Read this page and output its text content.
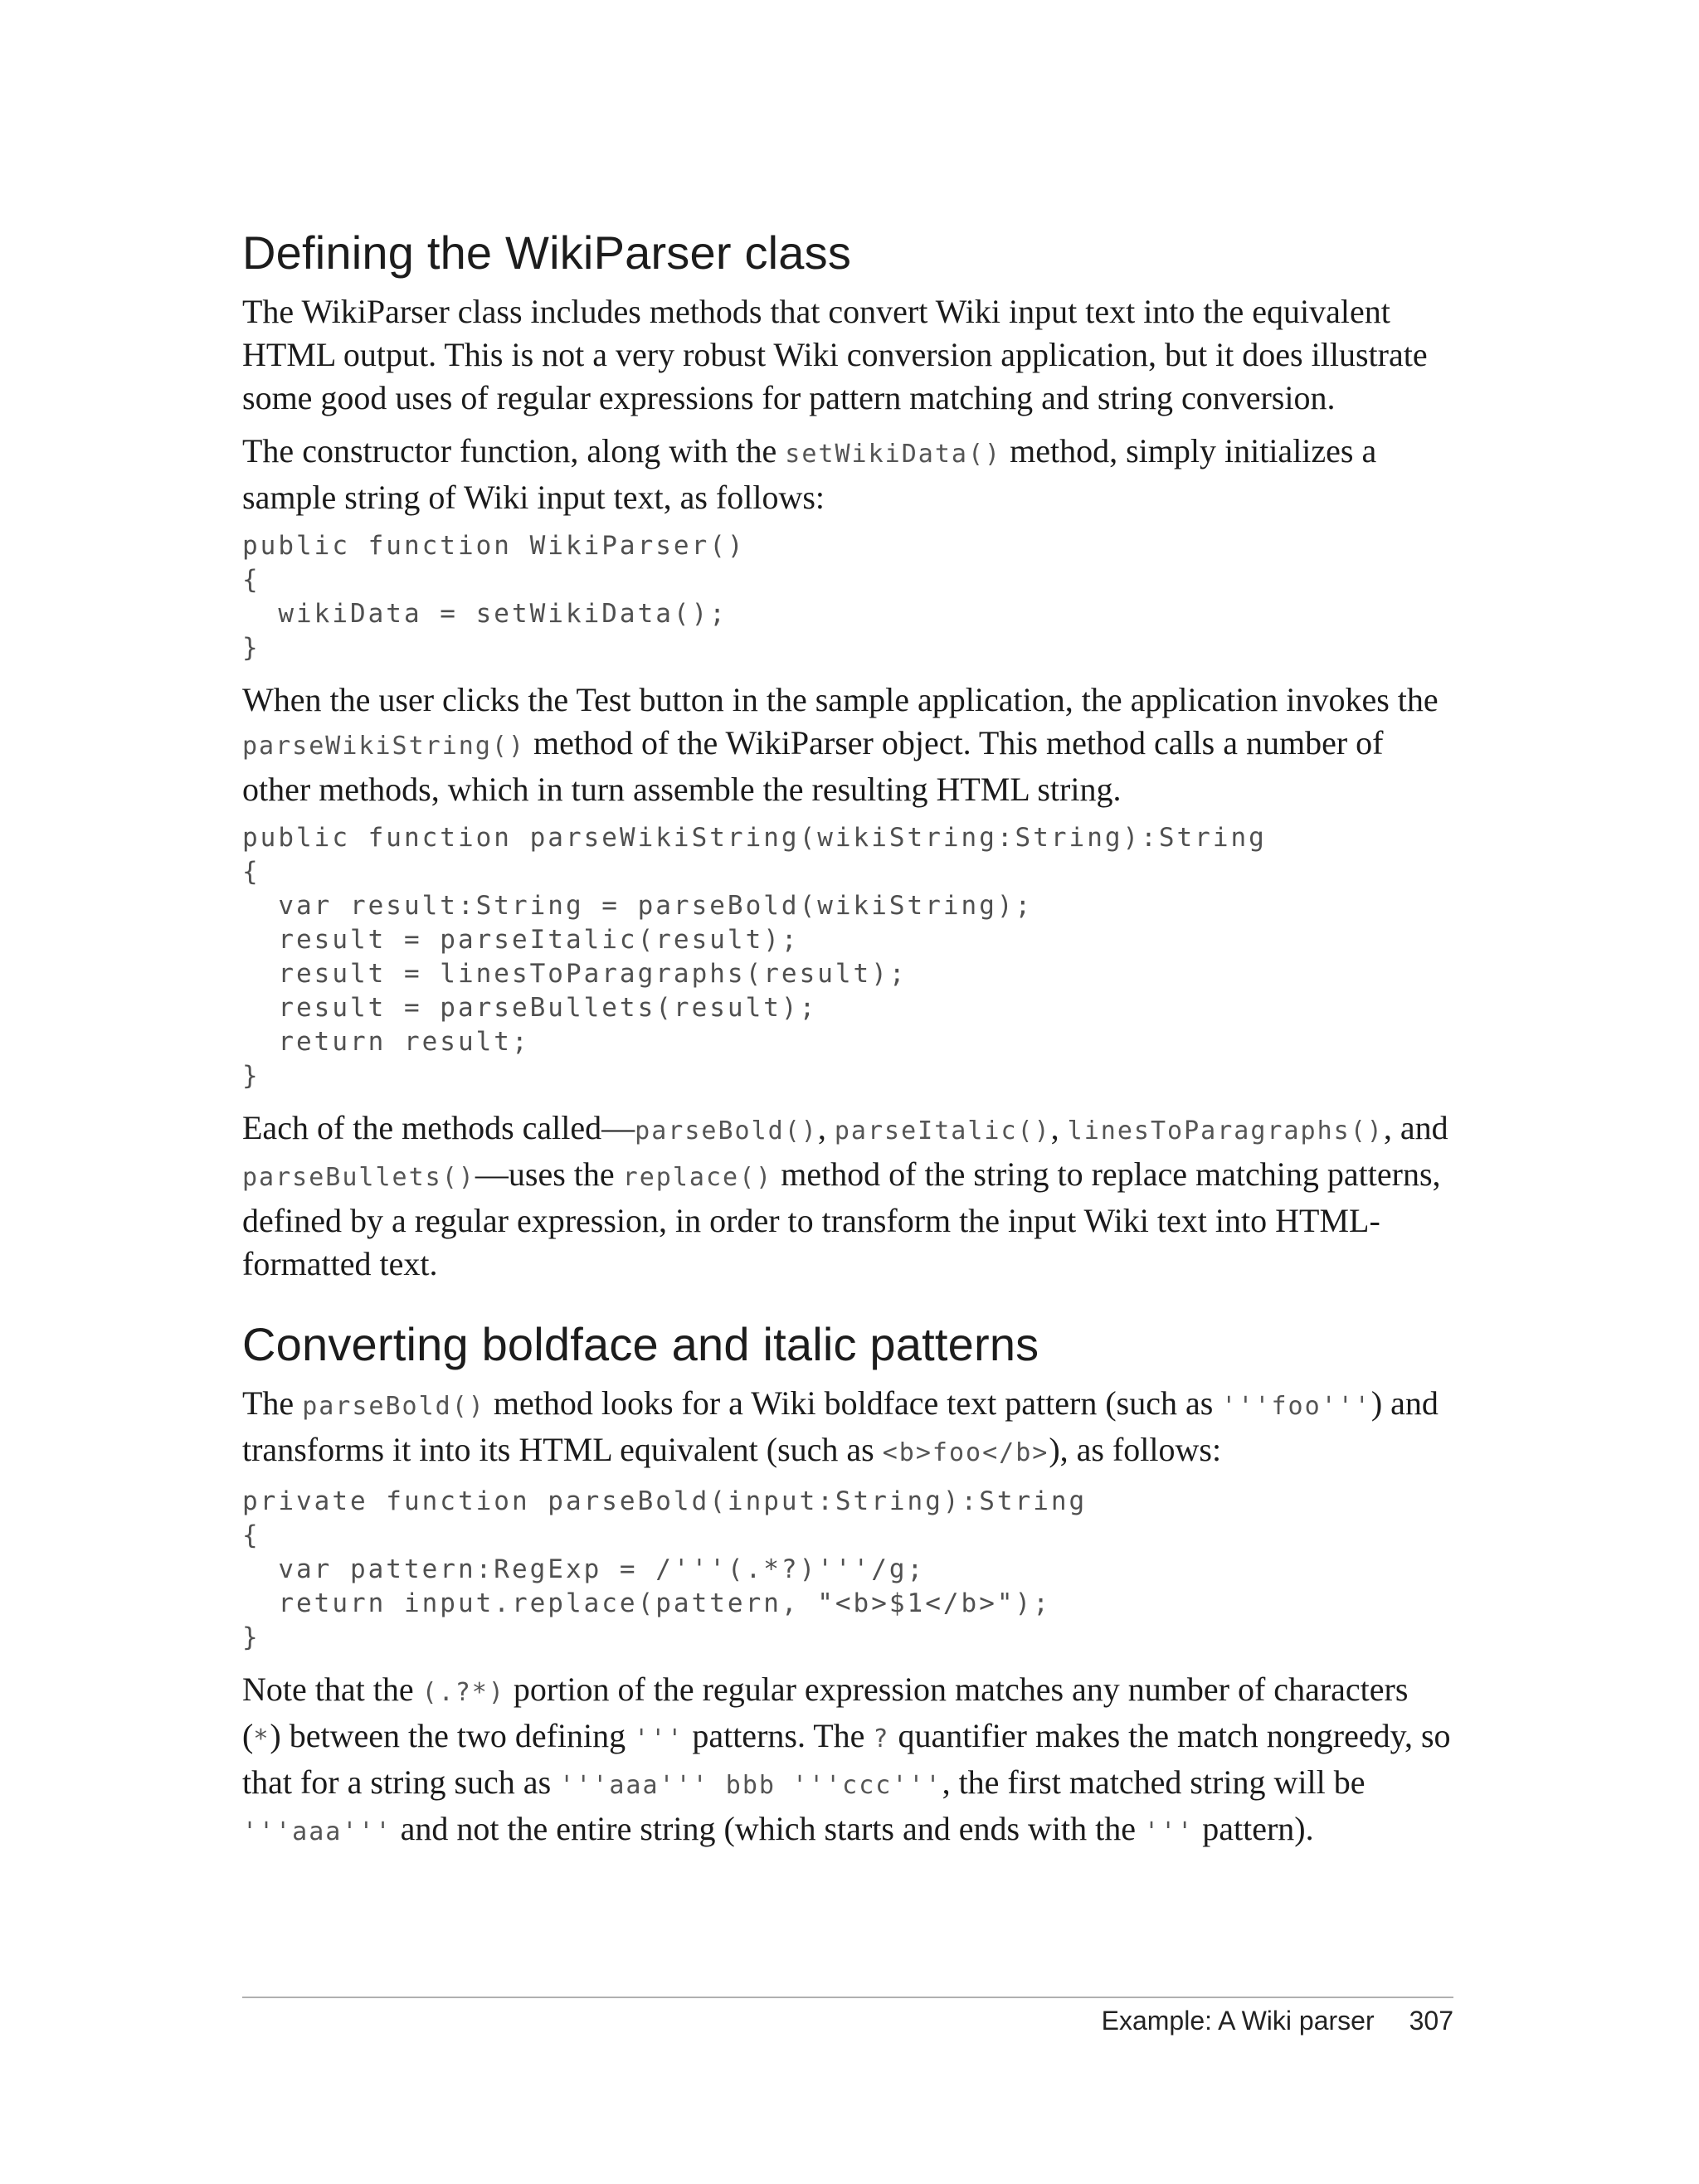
Defining the WikiParser class

The WikiParser class includes methods that convert Wiki input text into the equivalent HTML output. This is not a very robust Wiki conversion application, but it does illustrate some good uses of regular expressions for pattern matching and string conversion.

The constructor function, along with the setWikiData() method, simply initializes a sample string of Wiki input text, as follows:

public function WikiParser()
{
wikiData = setWikiData();
}

When the user clicks the Test button in the sample application, the application invokes the parseWikiString() method of the WikiParser object. This method calls a number of other methods, which in turn assemble the resulting HTML string.

public function parseWikiString(wikiString:String):String
{
var result:String = parseBold(wikiString);
result = parseItalic(result);
result = linesToParagraphs(result);
result = parseBullets(result);
return result;
}

Each of the methods called—parseBold(), parseItalic(), linesToParagraphs(), and parseBullets()—uses the replace() method of the string to replace matching patterns, defined by a regular expression, in order to transform the input Wiki text into HTML-formatted text.

Converting boldface and italic patterns

The parseBold() method looks for a Wiki boldface text pattern (such as '''foo''') and transforms it into its HTML equivalent (such as <b>foo</b>), as follows:

private function parseBold(input:String):String
{
var pattern:RegExp = /'''(.*?)'''/g;
return input.replace(pattern, "<b>$1</b>");
}

Note that the (.?*) portion of the regular expression matches any number of characters (*) between the two defining ''' patterns. The ? quantifier makes the match nongreedy, so that for a string such as '''aaa''' bbb '''ccc''', the first matched string will be '''aaa''' and not the entire string (which starts and ends with the ''' pattern).

Example: A Wiki parser 307
